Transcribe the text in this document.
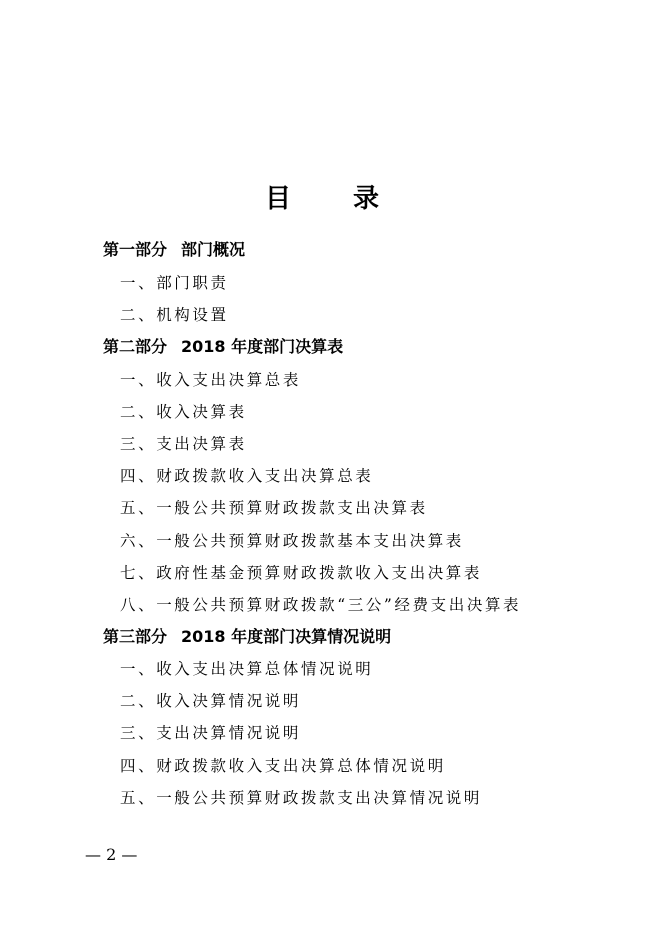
目　录
第一部分 部门概况
一、部门职责
二、机构设置
第二部分 2018 年度部门决算表
一、收入支出决算总表
二、收入决算表
三、支出决算表
四、财政拨款收入支出决算总表
五、一般公共预算财政拨款支出决算表
六、一般公共预算财政拨款基本支出决算表
七、政府性基金预算财政拨款收入支出决算表
八、一般公共预算财政拨款“三公”经费支出决算表
第三部分 2018 年度部门决算情况说明
一、收入支出决算总体情况说明
二、收入决算情况说明
三、支出决算情况说明
四、财政拨款收入支出决算总体情况说明
五、一般公共预算财政拨款支出决算情况说明
— 2 —
